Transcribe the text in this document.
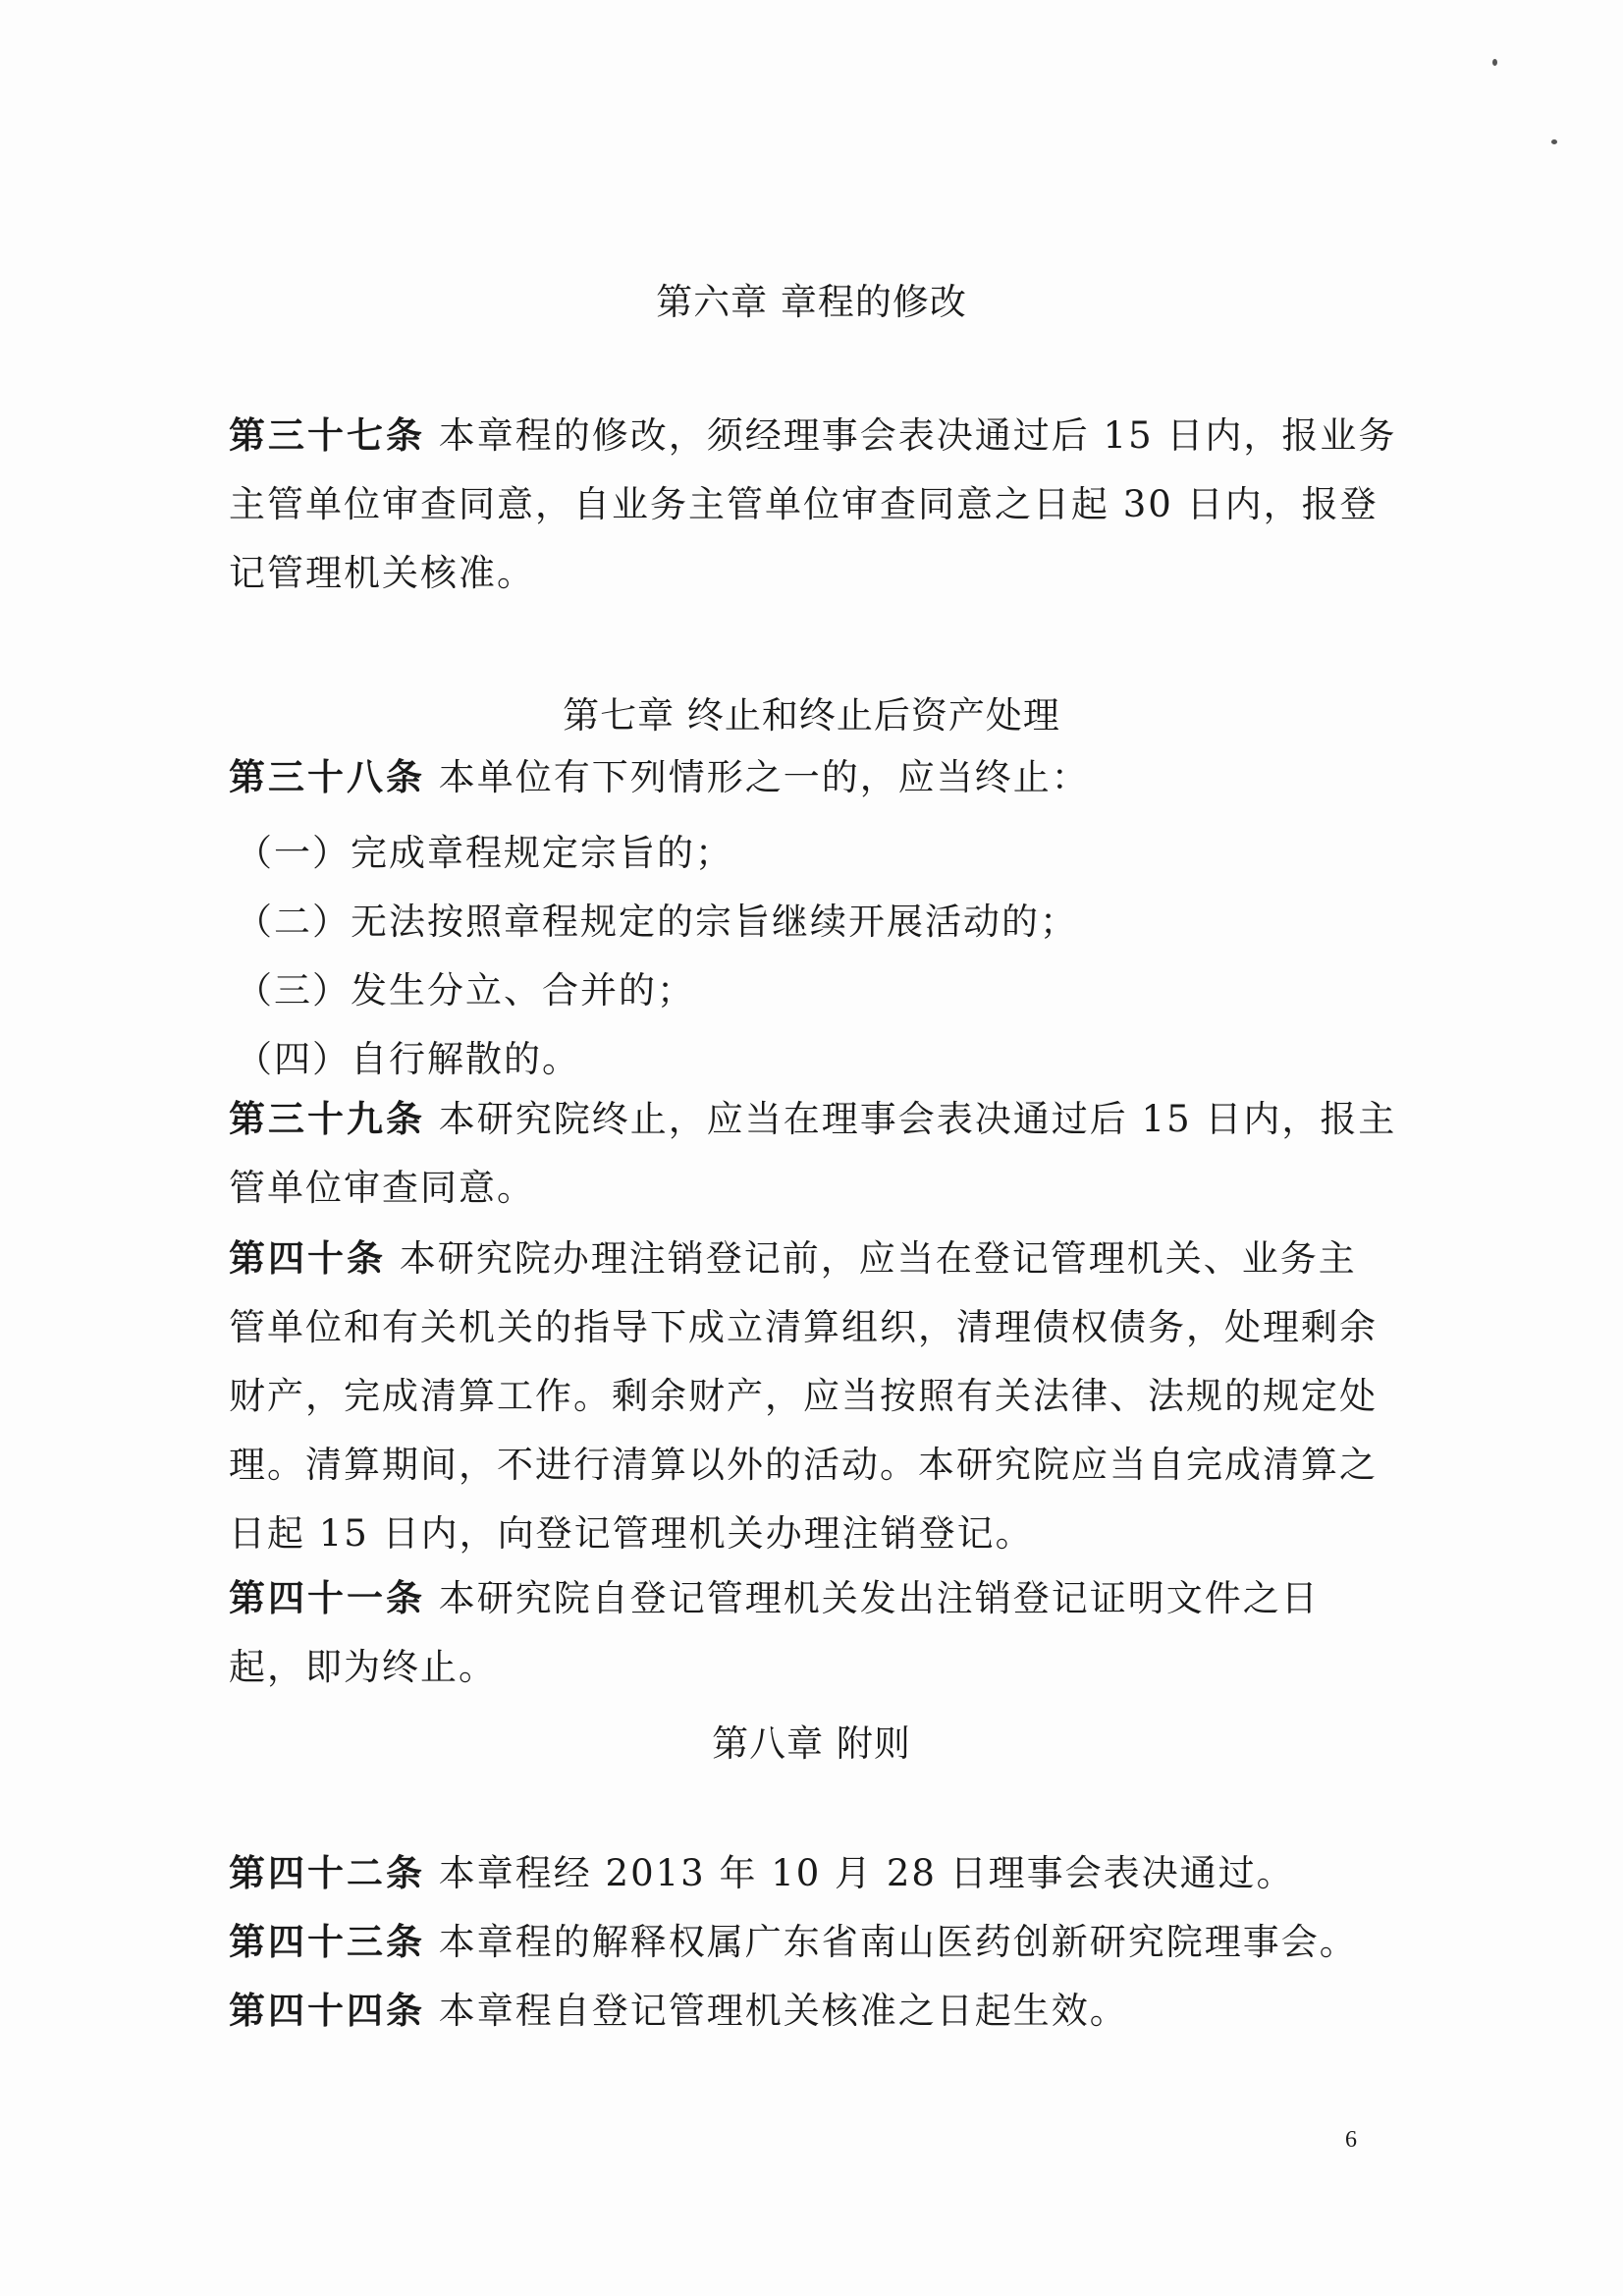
第六章 章程的修改
第三十七条 本章程的修改，须经理事会表决通过后 15 日内，报业务
主管单位审查同意，自业务主管单位审查同意之日起 30 日内，报登
记管理机关核准。
第七章 终止和终止后资产处理
第三十八条 本单位有下列情形之一的，应当终止：
（一）完成章程规定宗旨的；
（二）无法按照章程规定的宗旨继续开展活动的；
（三）发生分立、合并的；
（四）自行解散的。
第三十九条 本研究院终止，应当在理事会表决通过后 15 日内，报主
管单位审查同意。
第四十条 本研究院办理注销登记前，应当在登记管理机关、业务主
管单位和有关机关的指导下成立清算组织，清理债权债务，处理剩余
财产，完成清算工作。剩余财产，应当按照有关法律、法规的规定处
理。清算期间，不进行清算以外的活动。本研究院应当自完成清算之
日起 15 日内，向登记管理机关办理注销登记。
第四十一条 本研究院自登记管理机关发出注销登记证明文件之日
起，即为终止。
第八章 附则
第四十二条 本章程经 2013 年 10 月 28 日理事会表决通过。
第四十三条 本章程的解释权属广东省南山医药创新研究院理事会。
第四十四条 本章程自登记管理机关核准之日起生效。
6
